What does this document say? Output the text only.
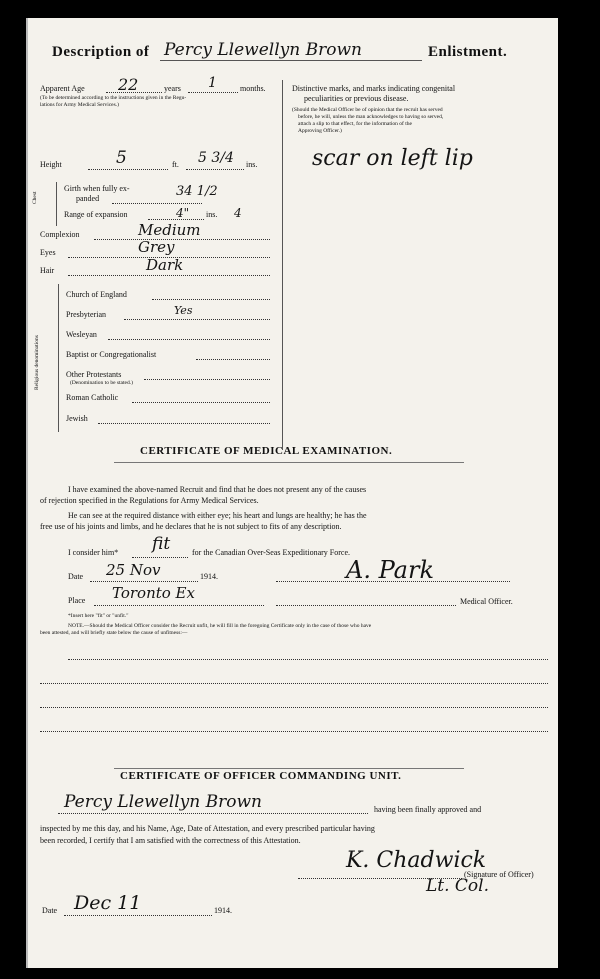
Description of Percy Llewellyn Brown	Enlistment.
Apparent Age 22	years 1	months.
(To be determined according to the instructions given in the Regu-
lations for Army Medical Services.)
Height	5	ft. 5 3/4 ins.
Chest
Girth when fully ex-
panded	34 1/2
Range of expansion	4" ins. 4
Complexion	Medium
Eyes	Grey
Hair	Dark
Religious denominations
Church of England
Presbyterian	Yes
Wesleyan
Baptist or Congregationalist
Other Protestants
(Denomination to be stated.)
Roman Catholic
Jewish
Distinctive marks, and marks indicating congenital
peculiarities or previous disease.
(Should the Medical Officer be of opinion that the recruit has served
before, he will, unless the man acknowledges to having so served,
attach a slip to that effect, for the information of the
Approving Officer.)
scar on left lip
CERTIFICATE OF MEDICAL EXAMINATION.
I have examined the above-named Recruit and find that he does not present any of the causes
of rejection specified in the Regulations for Army Medical Services.
He can see at the required distance with either eye; his heart and lungs are healthy; he has the
free use of his joints and limbs, and he declares that he is not subject to fits of any description.
I consider him* fit	for the Canadian Over-Seas Expeditionary Force.
Date 25 Nov	1914.	A. Park
Place Toronto Ex	Medical Officer.
*Insert here "fit" or "unfit."
NOTE.—Should the Medical Officer consider the Recruit unfit, he will fill in the foregoing Certificate only in the case of those who have
been attested, and will briefly state below the cause of unfitness:—
CERTIFICATE OF OFFICER COMMANDING UNIT.
Percy Llewellyn Brown	having been finally approved and
inspected by me this day, and his Name, Age, Date of Attestation, and every prescribed particular having
been recorded, I certify that I am satisfied with the correctness of this Attestation.
K. Chadwick
(Signature of Officer)
Lt. Col.
Date Dec 11	1914.
